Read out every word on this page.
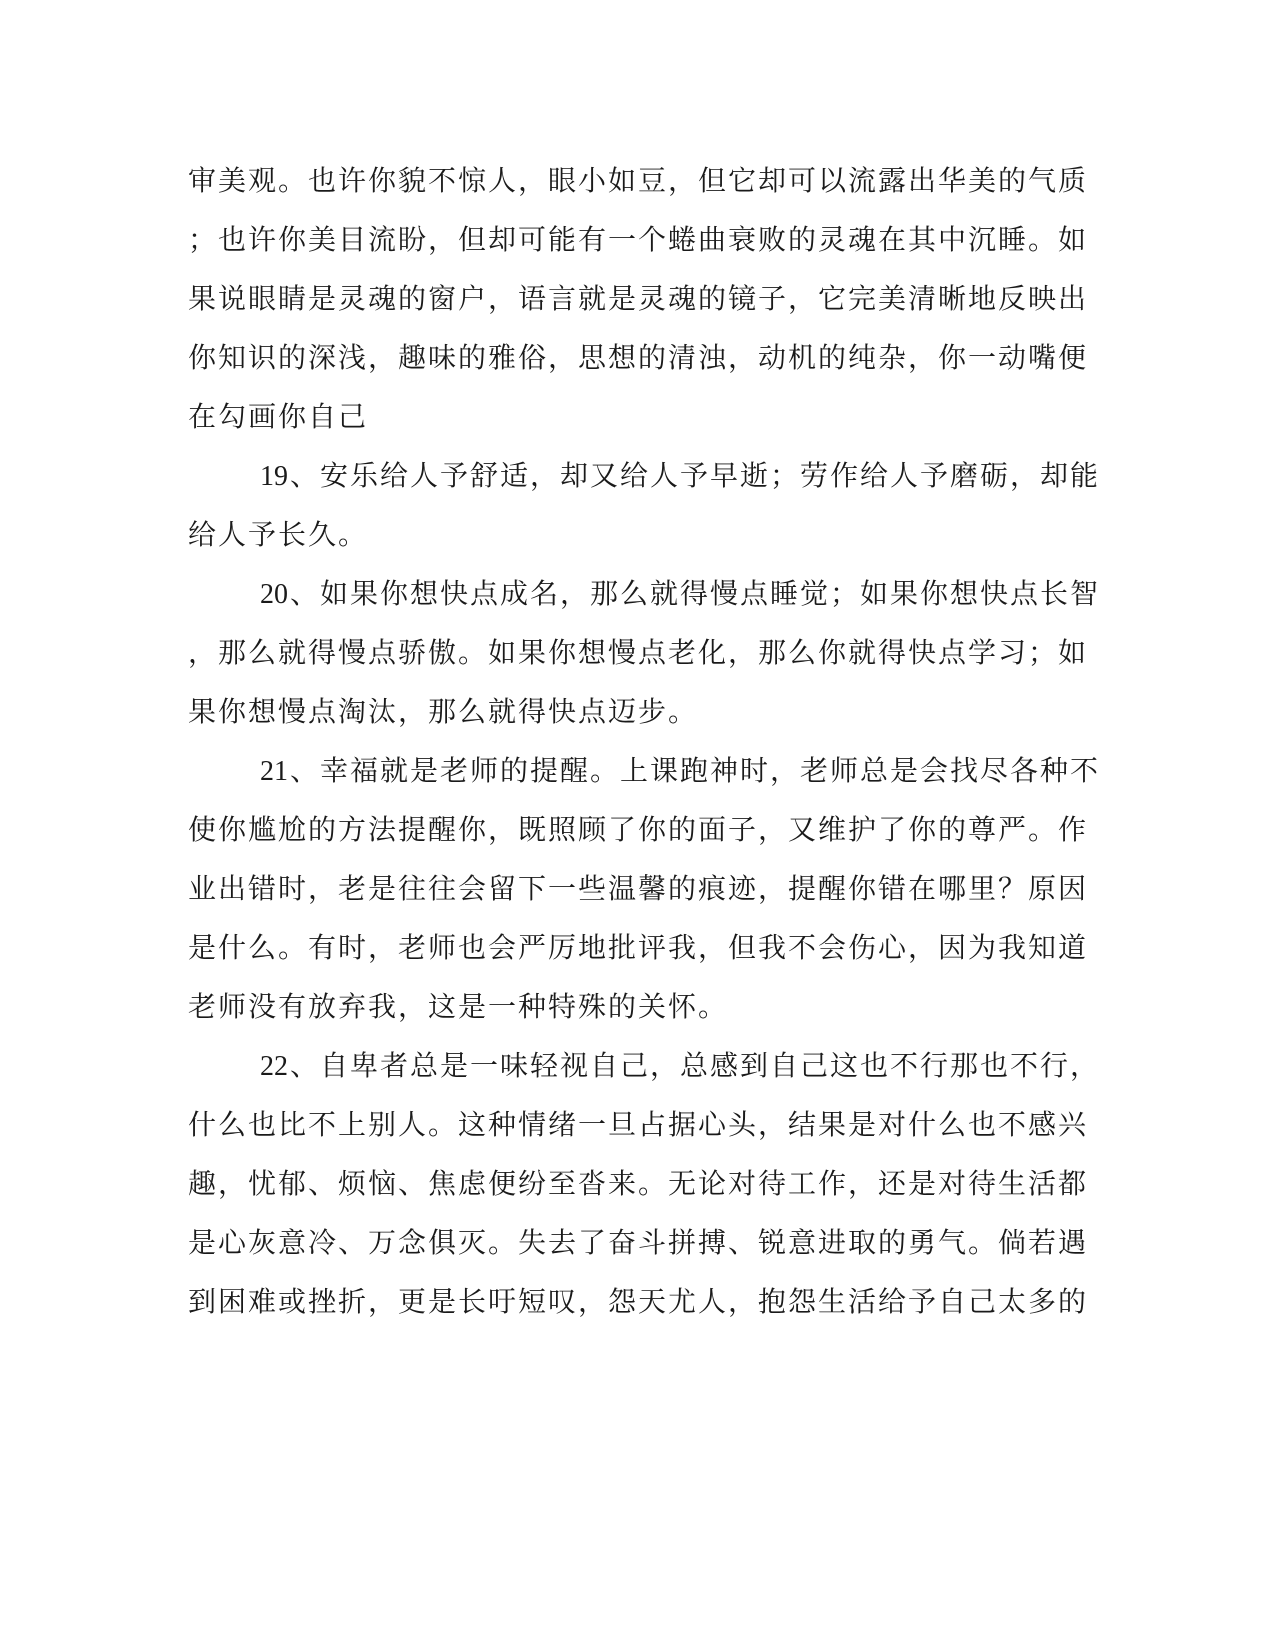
审美观。也许你貌不惊人，眼小如豆，但它却可以流露出华美的气质
；也许你美目流盼，但却可能有一个蜷曲衰败的灵魂在其中沉睡。如
果说眼睛是灵魂的窗户，语言就是灵魂的镜子，它完美清晰地反映出
你知识的深浅，趣味的雅俗，思想的清浊，动机的纯杂，你一动嘴便
在勾画你自己
19、安乐给人予舒适，却又给人予早逝；劳作给人予磨砺，却能
给人予长久。
20、如果你想快点成名，那么就得慢点睡觉；如果你想快点长智
，那么就得慢点骄傲。如果你想慢点老化，那么你就得快点学习；如
果你想慢点淘汰，那么就得快点迈步。
21、幸福就是老师的提醒。上课跑神时，老师总是会找尽各种不
使你尴尬的方法提醒你，既照顾了你的面子，又维护了你的尊严。作
业出错时，老是往往会留下一些温馨的痕迹，提醒你错在哪里？原因
是什么。有时，老师也会严厉地批评我，但我不会伤心，因为我知道
老师没有放弃我，这是一种特殊的关怀。
22、自卑者总是一味轻视自己，总感到自己这也不行那也不行，
什么也比不上别人。这种情绪一旦占据心头，结果是对什么也不感兴
趣，忧郁、烦恼、焦虑便纷至沓来。无论对待工作，还是对待生活都
是心灰意冷、万念俱灭。失去了奋斗拼搏、锐意进取的勇气。倘若遇
到困难或挫折，更是长吁短叹，怨天尤人，抱怨生活给予自己太多的
